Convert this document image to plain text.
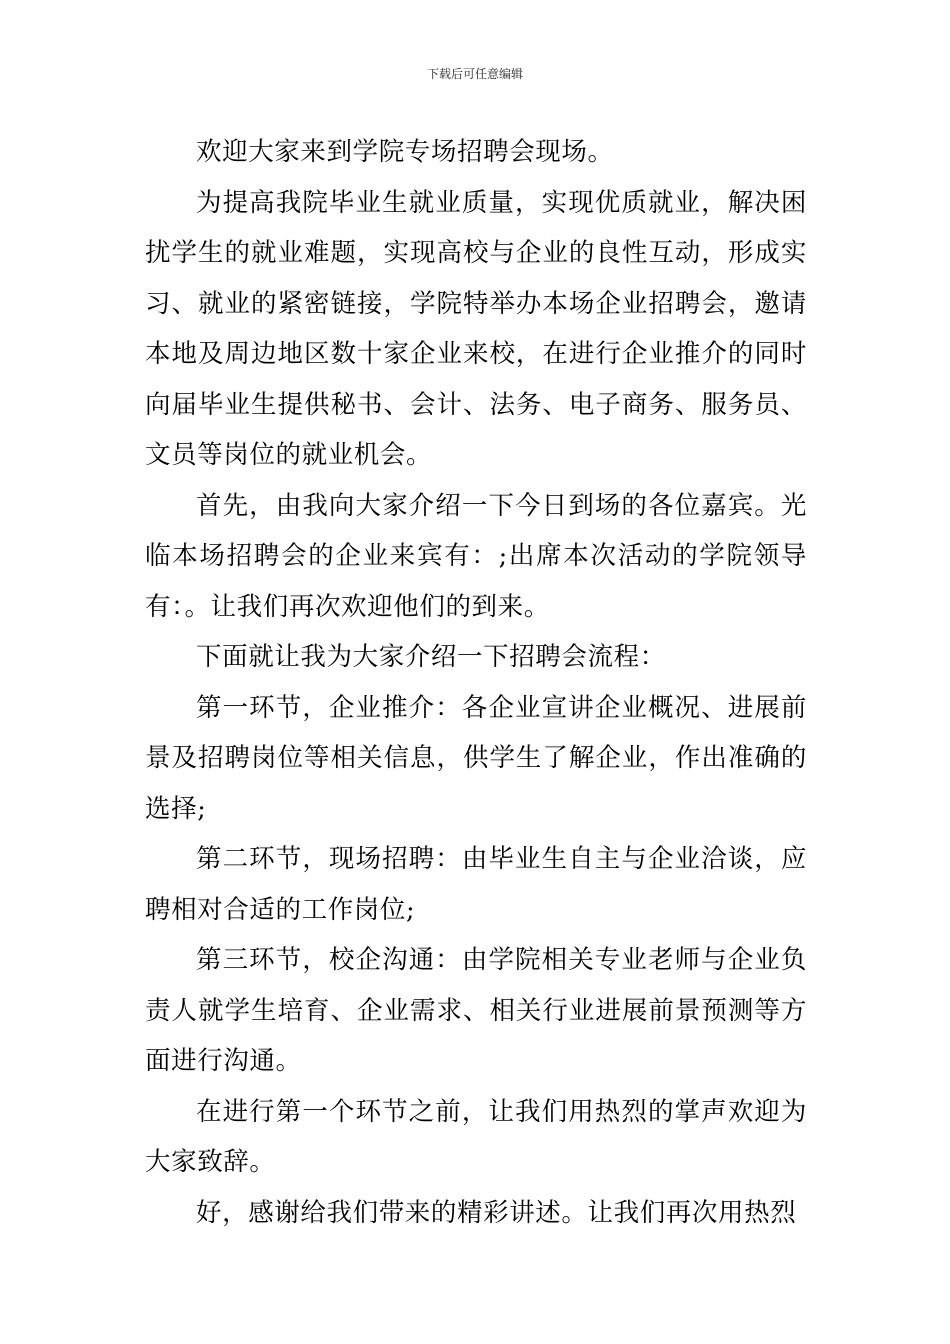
下载后可任意编辑

欢迎大家来到学院专场招聘会现场。

为提高我院毕业生就业质量，实现优质就业，解决困扰学生的就业难题，实现高校与企业的良性互动，形成实习、就业的紧密链接，学院特举办本场企业招聘会，邀请本地及周边地区数十家企业来校，在进行企业推介的同时向届毕业生提供秘书、会计、法务、电子商务、服务员、文员等岗位的就业机会。

首先，由我向大家介绍一下今日到场的各位嘉宾。光临本场招聘会的企业来宾有：;出席本次活动的学院领导有：。让我们再次欢迎他们的到来。

下面就让我为大家介绍一下招聘会流程：

第一环节，企业推介：各企业宣讲企业概况、进展前景及招聘岗位等相关信息，供学生了解企业，作出准确的选择;

第二环节，现场招聘：由毕业生自主与企业洽谈，应聘相对合适的工作岗位;

第三环节，校企沟通：由学院相关专业老师与企业负责人就学生培育、企业需求、相关行业进展前景预测等方面进行沟通。

在进行第一个环节之前，让我们用热烈的掌声欢迎为大家致辞。

好，感谢给我们带来的精彩讲述。让我们再次用热烈
